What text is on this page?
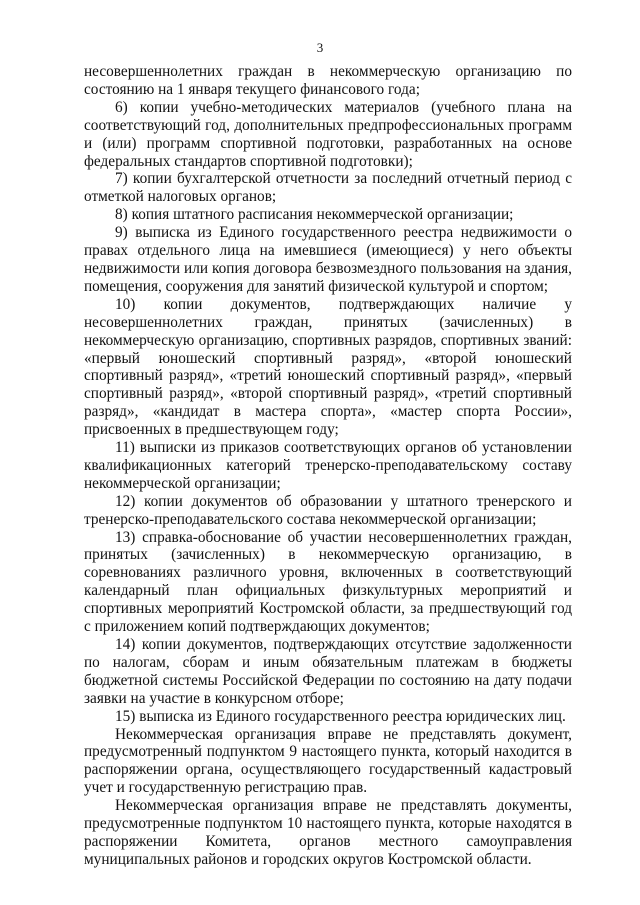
3

несовершеннолетних граждан в некоммерческую организацию по состоянию на 1 января текущего финансового года;

6) копии учебно-методических материалов (учебного плана на соответствующий год, дополнительных предпрофессиональных программ и (или) программ спортивной подготовки, разработанных на основе федеральных стандартов спортивной подготовки);

7) копии бухгалтерской отчетности за последний отчетный период с отметкой налоговых органов;

8) копия штатного расписания некоммерческой организации;

9) выписка из Единого государственного реестра недвижимости о правах отдельного лица на имевшиеся (имеющиеся) у него объекты недвижимости или копия договора безвозмездного пользования на здания, помещения, сооружения для занятий физической культурой и спортом;

10) копии документов, подтверждающих наличие у несовершеннолетних граждан, принятых (зачисленных) в некоммерческую организацию, спортивных разрядов, спортивных званий: «первый юношеский спортивный разряд», «второй юношеский спортивный разряд», «третий юношеский спортивный разряд», «первый спортивный разряд», «второй спортивный разряд», «третий спортивный разряд», «кандидат в мастера спорта», «мастер спорта России», присвоенных в предшествующем году;

11) выписки из приказов соответствующих органов об установлении квалификационных категорий тренерско-преподавательскому составу некоммерческой организации;

12) копии документов об образовании у штатного тренерского и тренерско-преподавательского состава некоммерческой организации;

13) справка-обоснование об участии несовершеннолетних граждан, принятых (зачисленных) в некоммерческую организацию, в соревнованиях различного уровня, включенных в соответствующий календарный план официальных физкультурных мероприятий и спортивных мероприятий Костромской области, за предшествующий год с приложением копий подтверждающих документов;

14) копии документов, подтверждающих отсутствие задолженности по налогам, сборам и иным обязательным платежам в бюджеты бюджетной системы Российской Федерации по состоянию на дату подачи заявки на участие в конкурсном отборе;

15) выписка из Единого государственного реестра юридических лиц.

Некоммерческая организация вправе не представлять документ, предусмотренный подпунктом 9 настоящего пункта, который находится в распоряжении органа, осуществляющего государственный кадастровый учет и государственную регистрацию прав.

Некоммерческая организация вправе не представлять документы, предусмотренные подпунктом 10 настоящего пункта, которые находятся в распоряжении Комитета, органов местного самоуправления муниципальных районов и городских округов Костромской области.
